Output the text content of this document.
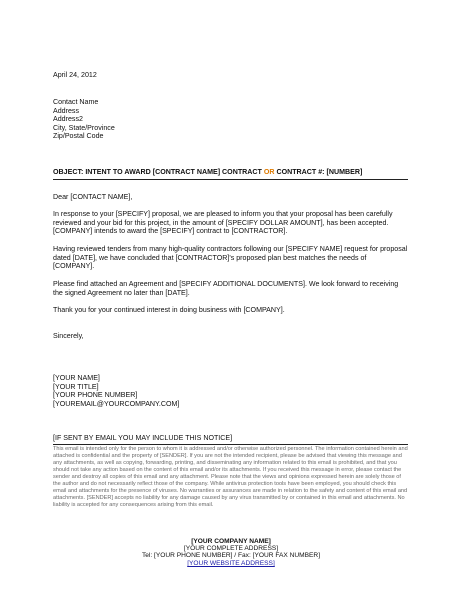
April 24, 2012
Contact Name
Address
Address2
City, State/Province
Zip/Postal Code
OBJECT: INTENT TO AWARD [CONTRACT NAME] CONTRACT OR CONTRACT #: [NUMBER]
Dear [CONTACT NAME],
In response to your [SPECIFY] proposal, we are pleased to inform you that your proposal has been carefully reviewed and your bid for this project, in the amount of [SPECIFY DOLLAR AMOUNT], has been accepted. [COMPANY] intends to award the [SPECIFY] contract to [CONTRACTOR].
Having reviewed tenders from many high-quality contractors following our [SPECIFY NAME] request for proposal dated [DATE], we have concluded that [CONTRACTOR]'s proposed plan best matches the needs of [COMPANY].
Please find attached an Agreement and [SPECIFY ADDITIONAL DOCUMENTS]. We look forward to receiving the signed Agreement no later than [DATE].
Thank you for your continued interest in doing business with [COMPANY].
Sincerely,
[YOUR NAME]
[YOUR TITLE]
[YOUR PHONE NUMBER]
[YOUREMAIL@YOURCOMPANY.COM]
[IF SENT BY EMAIL YOU MAY INCLUDE THIS NOTICE]
This email is intended only for the person to whom it is addressed and/or otherwise authorized personnel. The information contained herein and attached is confidential and the property of [SENDER]. If you are not the intended recipient, please be advised that viewing this message and any attachments, as well as copying, forwarding, printing, and disseminating any information related to this email is prohibited, and that you should not take any action based on the content of this email and/or its attachments. If you received this message in error, please contact the sender and destroy all copies of this email and any attachment. Please note that the views and opinions expressed herein are solely those of the author and do not necessarily reflect those of the company. While antivirus protection tools have been employed, you should check this email and attachments for the presence of viruses. No warranties or assurances are made in relation to the safety and content of this email and attachments. [SENDER] accepts no liability for any damage caused by any virus transmitted by or contained in this email and attachments. No liability is accepted for any consequences arising from this email.
[YOUR COMPANY NAME]
[YOUR COMPLETE ADDRESS]
Tel: [YOUR PHONE NUMBER] / Fax: [YOUR FAX NUMBER]
[YOUR WEBSITE ADDRESS]
